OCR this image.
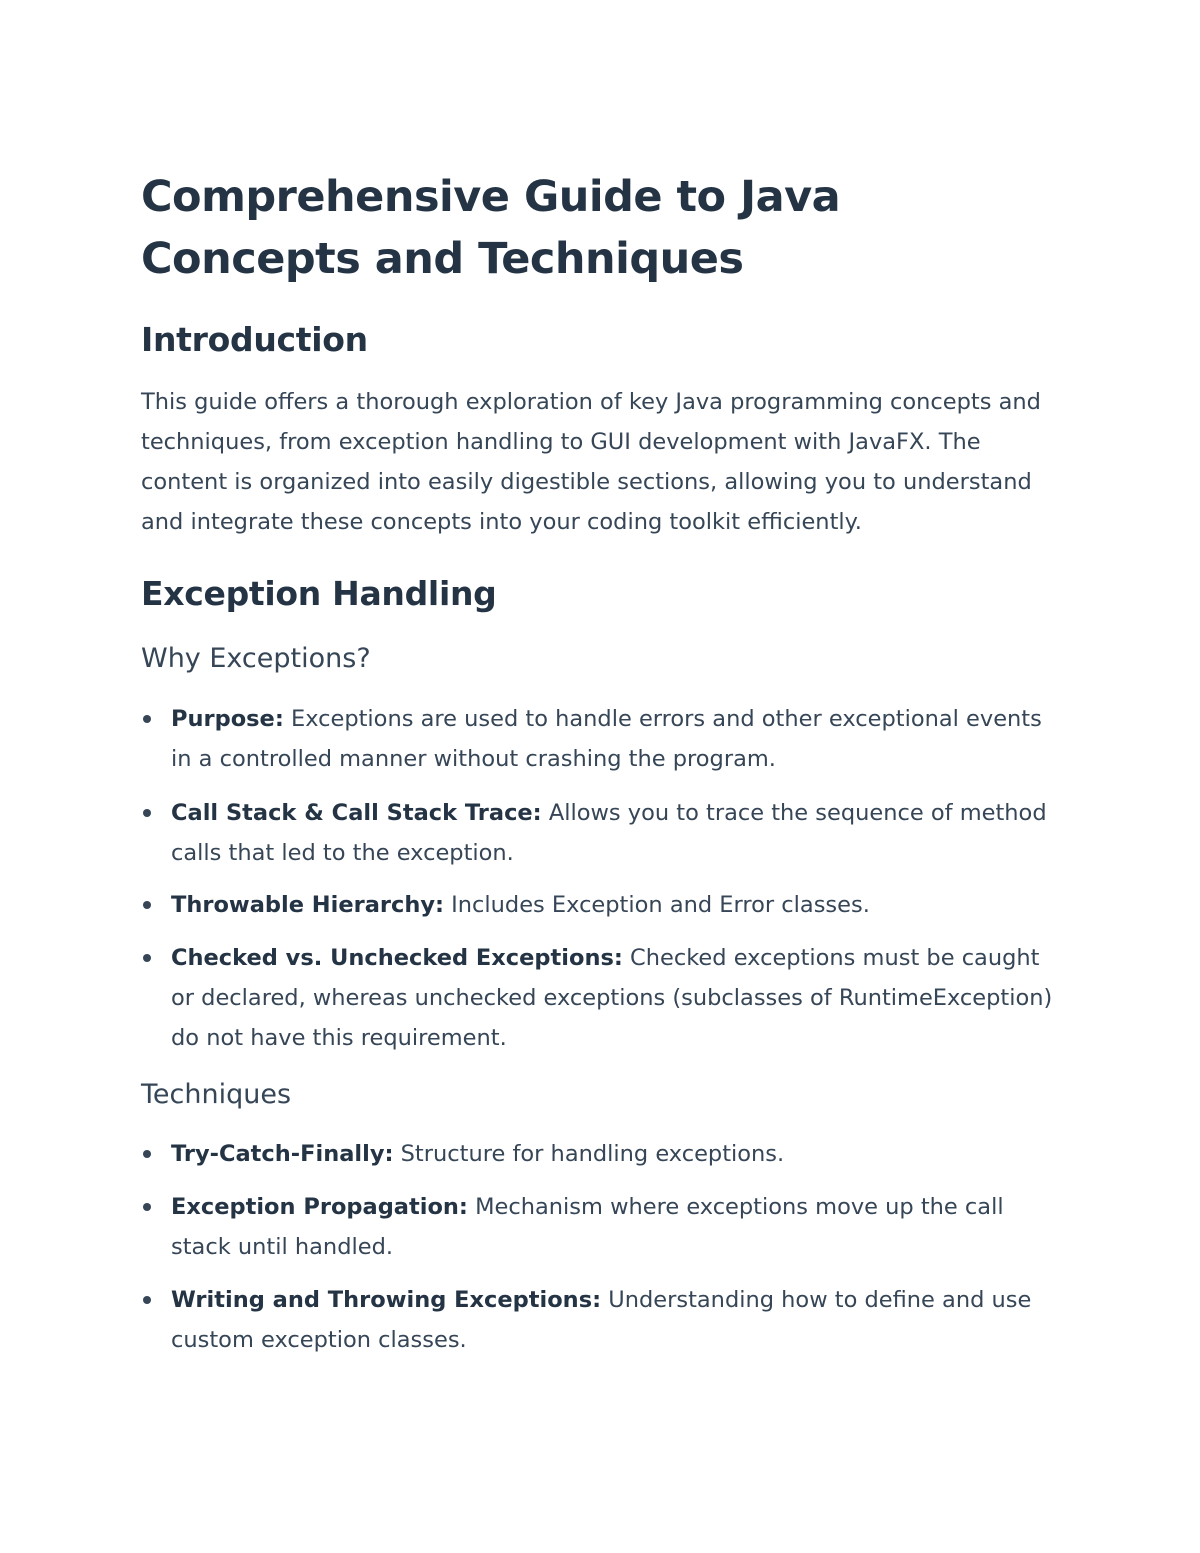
Comprehensive Guide to Java
Concepts and Techniques
Introduction

This guide offers a thorough exploration of key Java programming concepts and techniques, from exception handling to GUI development with JavaFX. The content is organized into easily digestible sections, allowing you to understand and integrate these concepts into your coding toolkit efficiently.

Exception Handling
Why Exceptions?
Purpose: Exceptions are used to handle errors and other exceptional events in a controlled manner without crashing the program.
Call Stack & Call Stack Trace: Allows you to trace the sequence of method calls that led to the exception.
Throwable Hierarchy: Includes Exception and Error classes.
Checked vs. Unchecked Exceptions: Checked exceptions must be caught or declared, whereas unchecked exceptions (subclasses of RuntimeException) do not have this requirement.
Techniques
Try-Catch-Finally: Structure for handling exceptions.
Exception Propagation: Mechanism where exceptions move up the call stack until handled.
Writing and Throwing Exceptions: Understanding how to define and use custom exception classes.
